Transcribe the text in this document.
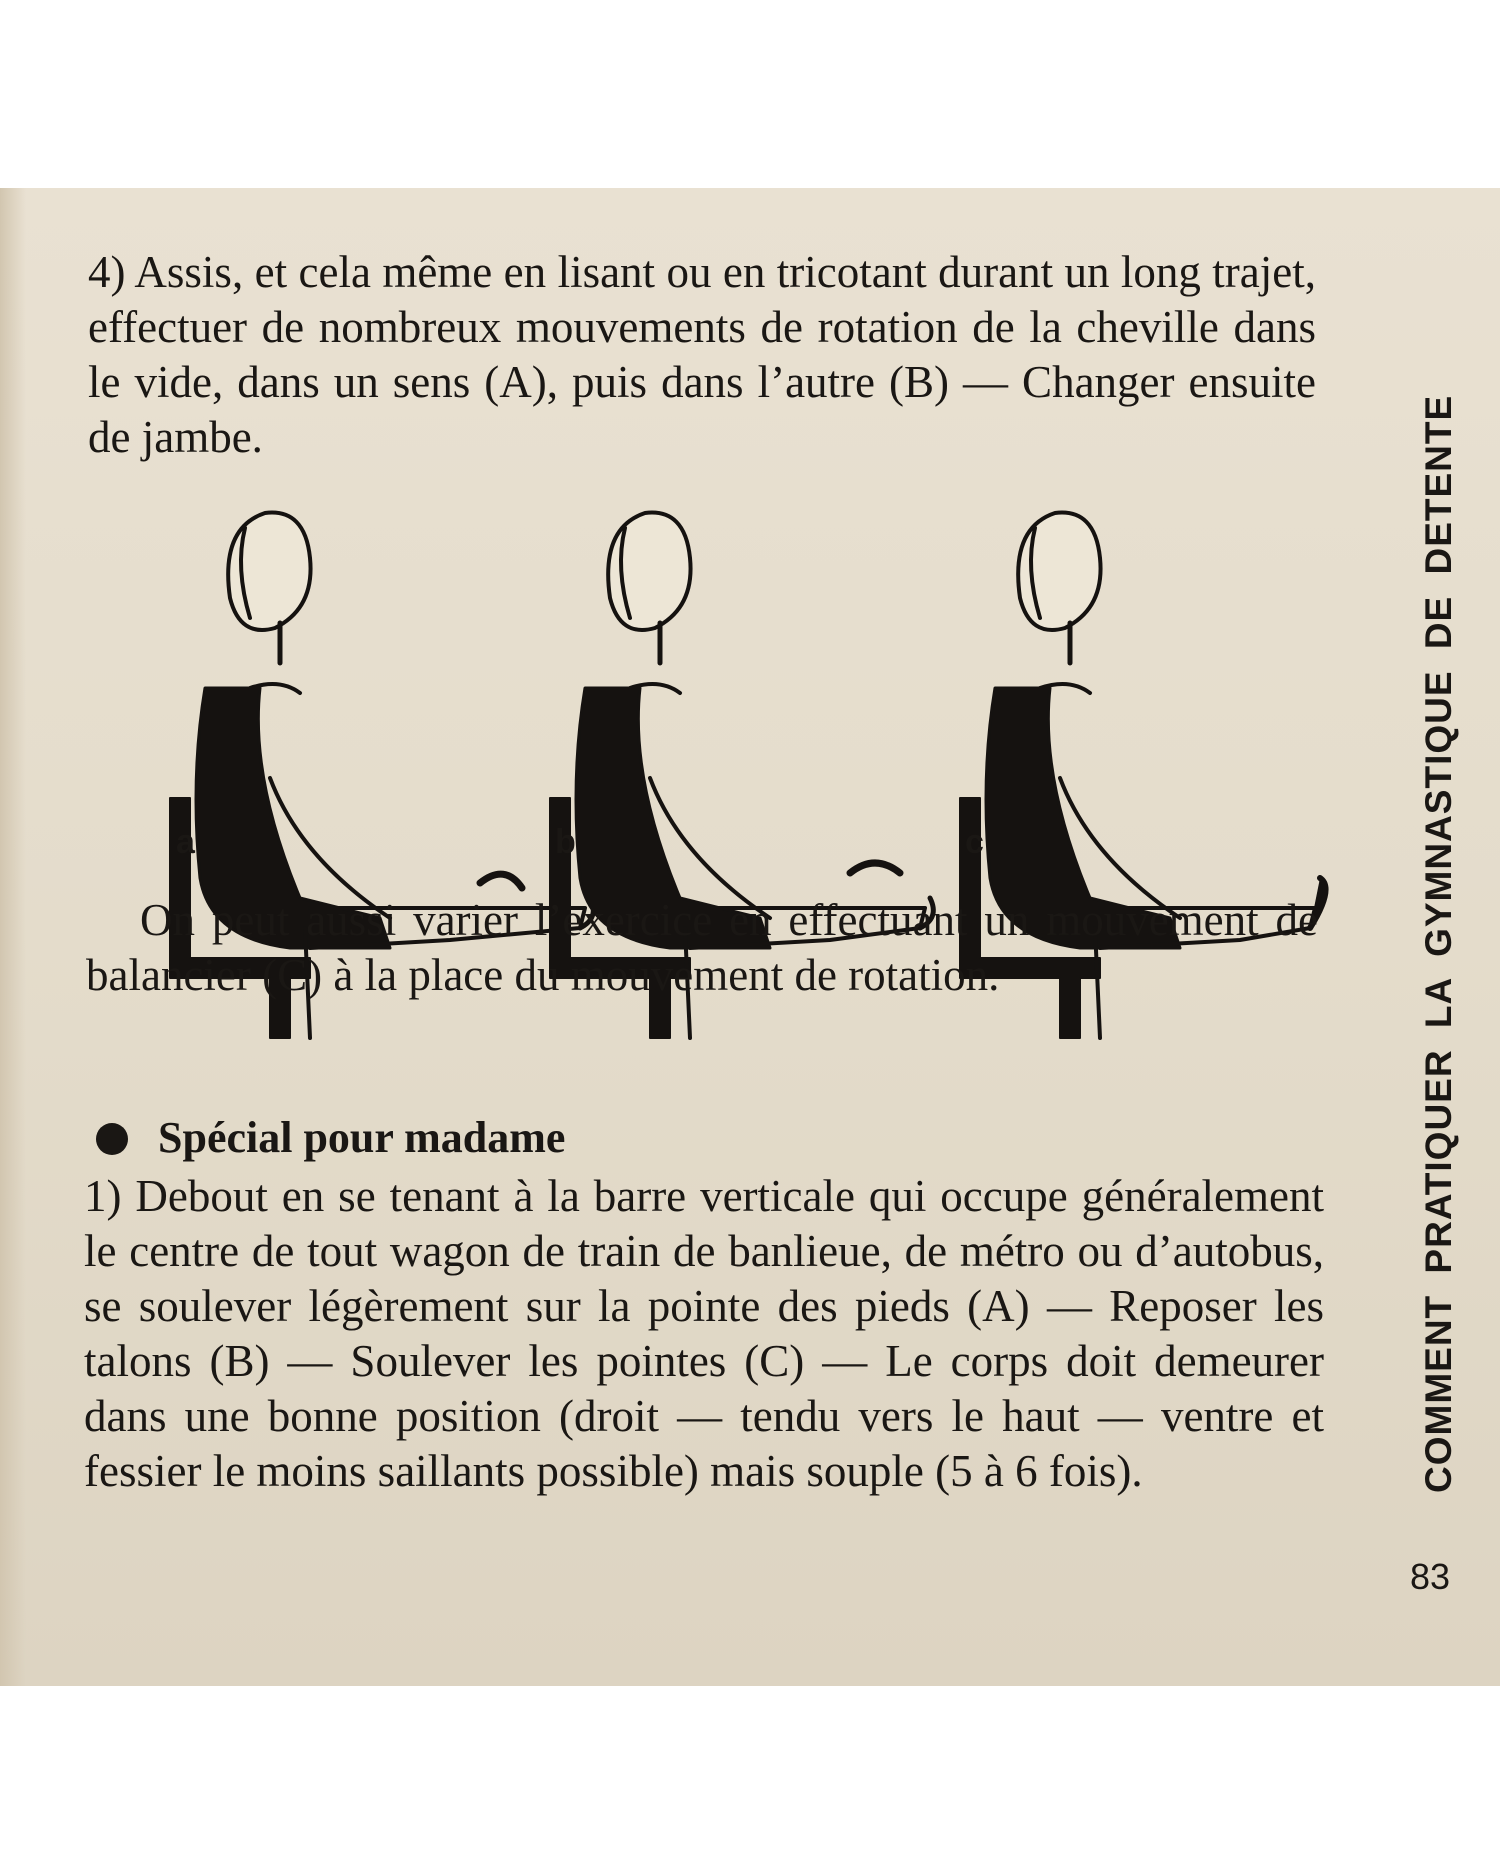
4) Assis, et cela même en lisant ou en tricotant durant un long trajet, effectuer de nombreux mouvements de rotation de la cheville dans le vide, dans un sens (A), puis dans l’autre (B) — Changer ensuite de jambe.

a	b	c

On peut aussi varier l’exercice en effectuant un mouvement de balancier (C) à la place du mouvement de rotation.

Spécial pour madame

1) Debout en se tenant à la barre verticale qui occupe généralement le centre de tout wagon de train de banlieue, de métro ou d’autobus, se soulever légèrement sur la pointe des pieds (A) — Reposer les talons (B) — Soulever les pointes (C) — Le corps doit demeurer dans une bonne position (droit — tendu vers le haut — ventre et fessier le moins saillants possible) mais souple (5 à 6 fois).	COMMENT PRATIQUER LA GYMNASTIQUE DE DETENTE
83
